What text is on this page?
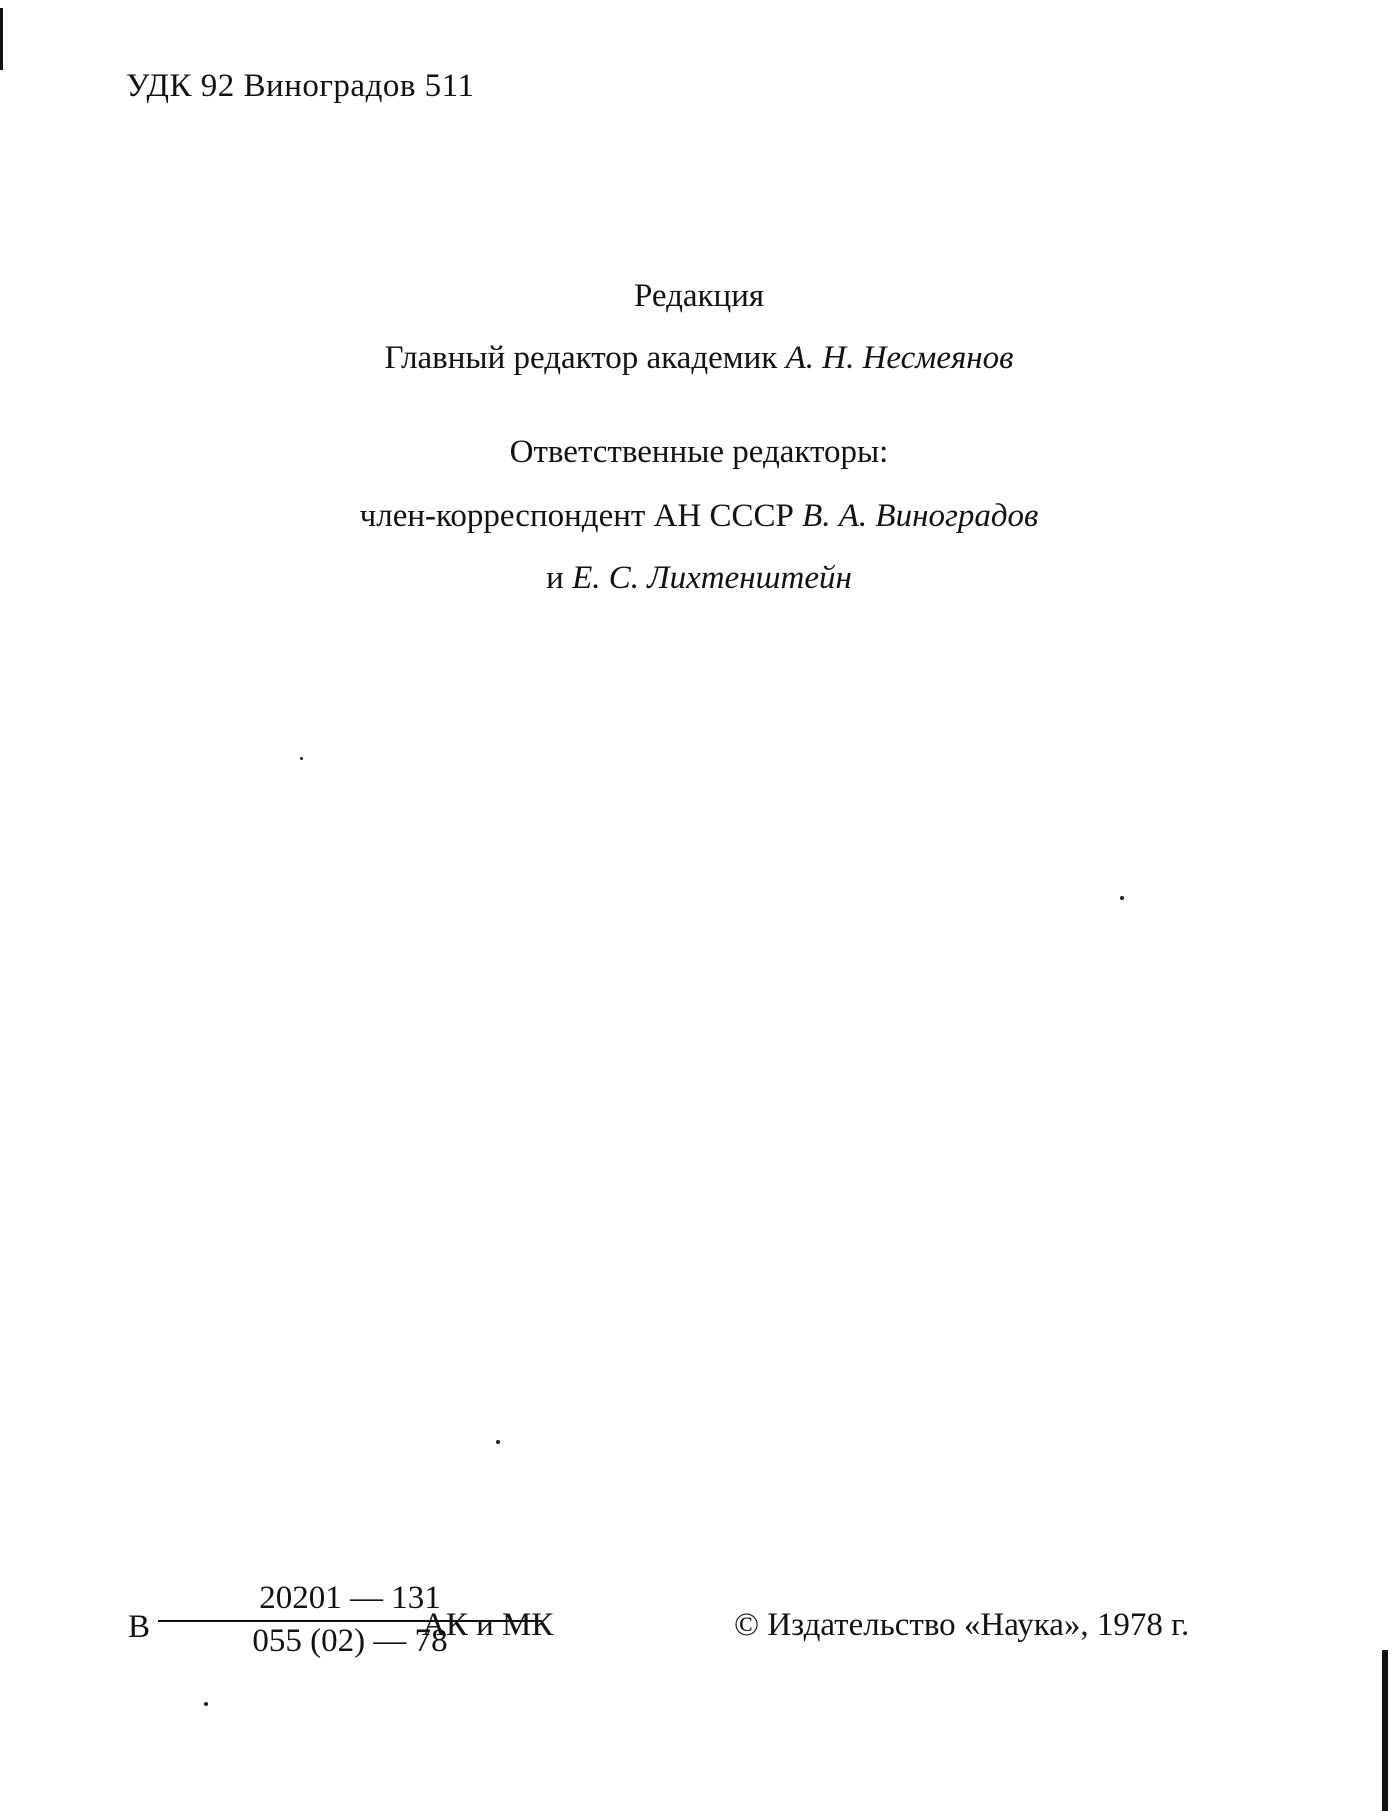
УДК 92 Виноградов 511
Редакция
Главный редактор академик А. Н. Несмеянов
Ответственные редакторы:
член-корреспондент АН СССР В. А. Виноградов
и Е. С. Лихтенштейн
В
20201 — 131
055 (02) — 78
АК и МК	© Издательство «Наука», 1978 г.
